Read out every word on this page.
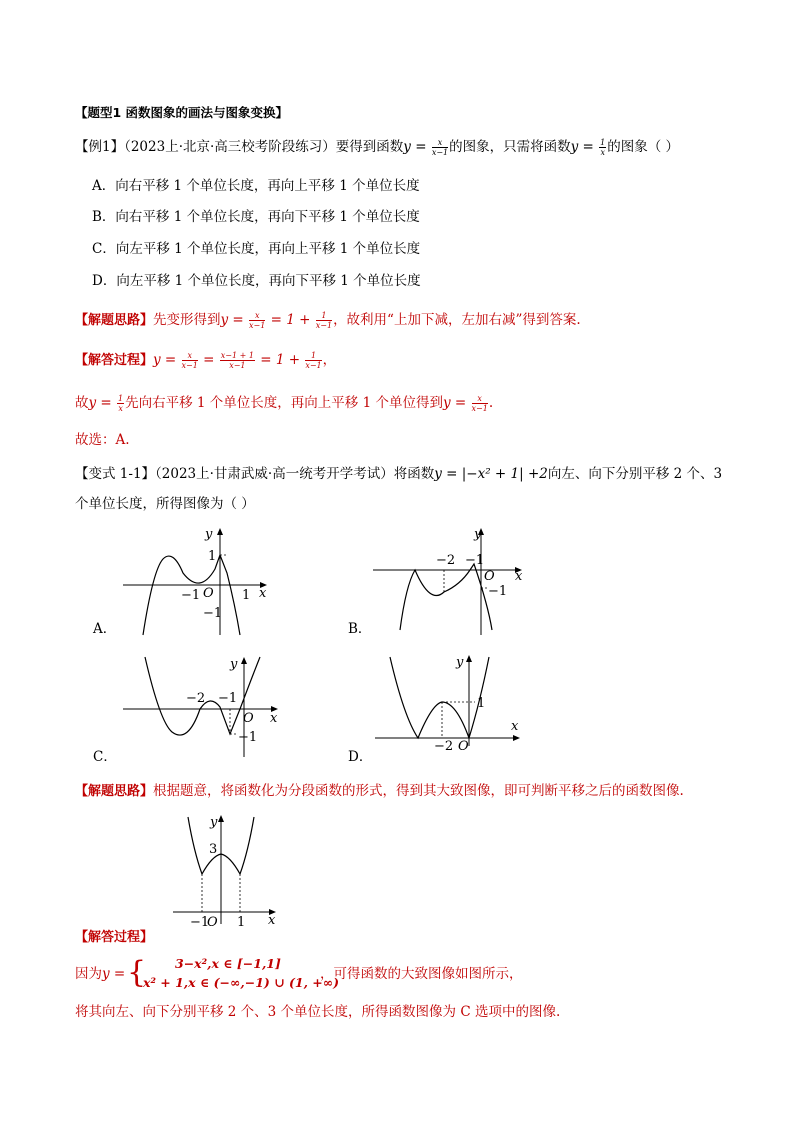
【题型1 函数图象的画法与图象变换】
【例1】（2023上·北京·高三校考阶段练习）要得到函数$y = \frac{x}{x-1}$ 的图象，只需将函数$y = \frac{1}{x}$ 的图象（ ）
A．向右平移 1 个单位长度，再向上平移 1 个单位长度
B．向右平移 1 个单位长度，再向下平移 1 个单位长度
C．向左平移 1 个单位长度，再向上平移 1 个单位长度
D．向左平移 1 个单位长度，再向下平移 1 个单位长度
【解题思路】先变形得到$y = \frac{x}{x-1} = 1 + \frac{1}{x-1}$ ，故利用“上加下减，左加右减”得到答案.
【解答过程】$y = \frac{x}{x-1} = \frac{x-1 + 1}{x-1} = 1 + \frac{1}{x-1}$ ，
故$y = \frac{1}{x}$ 先向右平移 1 个单位长度，再向上平移 1 个单位得到$y = \frac{x}{x-1}$ .
故选：A.
【变式 1-1】（2023上·甘肃武威·高一统考开学考试）将函数y = |−x² + 1| +2向左、向下分别平移 2 个、3
个单位长度，所得图像为（ ）
y
x
O
1
−1	1
−1
A．
y
x
O
−2 −1
−1
B．
y
x
O
−2 −1
−1
C．
y
x
O
−2
1
D．
【解题思路】根据题意，将函数化为分段函数的形式，得到其大致图像，即可判断平移之后的函数图像.
y
x
O
−1 1
3
【解答过程】
因为 y = { 3−x²,x ∈ [−1,1]
x² + 1,x ∈ (−∞,−1) ∪ (1, +∞)
，可得函数的大致图像如图所示，
将其向左、向下分别平移 2 个、3 个单位长度，所得函数图像为 C 选项中的图像.
